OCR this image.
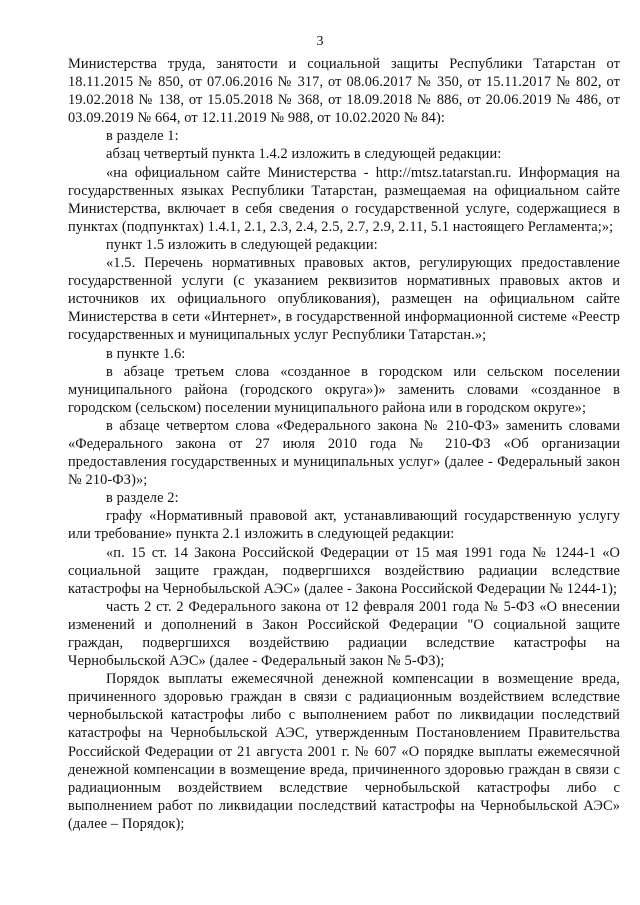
3

Министерства труда, занятости и социальной защиты Республики Татарстан от 18.11.2015 № 850, от 07.06.2016 № 317, от 08.06.2017 № 350, от 15.11.2017 № 802, от 19.02.2018 № 138, от 15.05.2018 № 368, от 18.09.2018 № 886, от 20.06.2019 № 486, от 03.09.2019 № 664, от 12.11.2019 № 988, от 10.02.2020 № 84):

в разделе 1:

абзац четвертый пункта 1.4.2 изложить в следующей редакции:

«на официальном сайте Министерства - http://mtsz.tatarstan.ru. Информация на государственных языках Республики Татарстан, размещаемая на официальном сайте Министерства, включает в себя сведения о государственной услуге, содержащиеся в пунктах (подпунктах) 1.4.1, 2.1, 2.3, 2.4, 2.5, 2.7, 2.9, 2.11, 5.1 настоящего Регламента;»;

пункт 1.5 изложить в следующей редакции:

«1.5. Перечень нормативных правовых актов, регулирующих предоставление государственной услуги (с указанием реквизитов нормативных правовых актов и источников их официального опубликования), размещен на официальном сайте Министерства в сети «Интернет», в государственной информационной системе «Реестр государственных и муниципальных услуг Республики Татарстан.»;

в пункте 1.6:

в абзаце третьем слова «созданное в городском или сельском поселении муниципального района (городского округа»)» заменить словами «созданное в городском (сельском) поселении муниципального района или в городском округе»;

в абзаце четвертом слова «Федерального закона № 210-ФЗ» заменить словами «Федерального закона от 27 июля 2010 года № 210-ФЗ «Об организации предоставления государственных и муниципальных услуг» (далее - Федеральный закон № 210-ФЗ)»;

в разделе 2:

графу «Нормативный правовой акт, устанавливающий государственную услугу или требование» пункта 2.1 изложить в следующей редакции:

«п. 15 ст. 14 Закона Российской Федерации от 15 мая 1991 года № 1244-1 «О социальной защите граждан, подвергшихся воздействию радиации вследствие катастрофы на Чернобыльской АЭС» (далее - Закона Российской Федерации № 1244-1);

часть 2 ст. 2 Федерального закона от 12 февраля 2001 года № 5-ФЗ «О внесении изменений и дополнений в Закон Российской Федерации "О социальной защите граждан, подвергшихся воздействию радиации вследствие катастрофы на Чернобыльской АЭС» (далее - Федеральный закон № 5-ФЗ);

Порядок выплаты ежемесячной денежной компенсации в возмещение вреда, причиненного здоровью граждан в связи с радиационным воздействием вследствие чернобыльской катастрофы либо с выполнением работ по ликвидации последствий катастрофы на Чернобыльской АЭС, утвержденным Постановлением Правительства Российской Федерации от 21 августа 2001 г. № 607 «О порядке выплаты ежемесячной денежной компенсации в возмещение вреда, причиненного здоровью граждан в связи с радиационным воздействием вследствие чернобыльской катастрофы либо с выполнением работ по ликвидации последствий катастрофы на Чернобыльской АЭС» (далее – Порядок);
